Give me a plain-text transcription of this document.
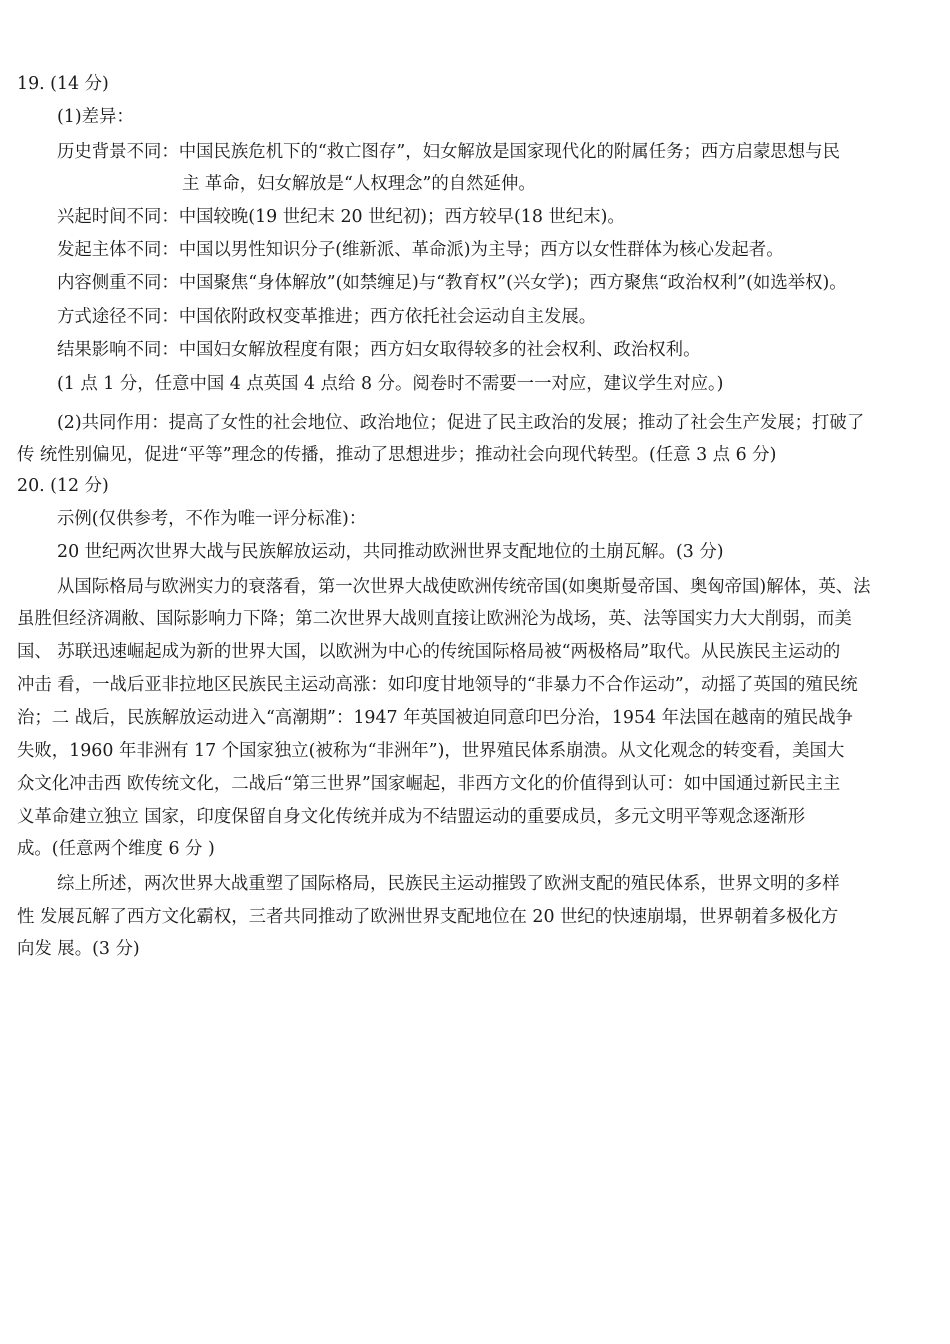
19. (14 分)
(1)差异：
历史背景不同：中国民族危机下的“救亡图存”，妇女解放是国家现代化的附属任务；西方启蒙思想与民
主 革命，妇女解放是“人权理念”的自然延伸。
兴起时间不同：中国较晚(19 世纪末 20 世纪初)；西方较早(18 世纪末)。
发起主体不同：中国以男性知识分子(维新派、革命派)为主导；西方以女性群体为核心发起者。
内容侧重不同：中国聚焦“身体解放”(如禁缠足)与“教育权”(兴女学)；西方聚焦“政治权利”(如选举权)。
方式途径不同：中国依附政权变革推进；西方依托社会运动自主发展。
结果影响不同：中国妇女解放程度有限；西方妇女取得较多的社会权利、政治权利。
(1 点 1 分，任意中国 4 点英国 4 点给 8 分。阅卷时不需要一一对应，建议学生对应。)
(2)共同作用：提高了女性的社会地位、政治地位；促进了民主政治的发展；推动了社会生产发展；打破了
传 统性别偏见，促进“平等”理念的传播，推动了思想进步；推动社会向现代转型。(任意 3 点 6 分)
20. (12 分)
示例(仅供参考，不作为唯一评分标准)：
20 世纪两次世界大战与民族解放运动，共同推动欧洲世界支配地位的土崩瓦解。(3 分)
从国际格局与欧洲实力的衰落看，第一次世界大战使欧洲传统帝国(如奥斯曼帝国、奥匈帝国)解体，英、法
虽胜但经济凋敝、国际影响力下降；第二次世界大战则直接让欧洲沦为战场，英、法等国实力大大削弱，而美
国、 苏联迅速崛起成为新的世界大国，以欧洲为中心的传统国际格局被“两极格局”取代。从民族民主运动的
冲击 看，一战后亚非拉地区民族民主运动高涨：如印度甘地领导的“非暴力不合作运动”，动摇了英国的殖民统
治；二 战后，民族解放运动进入“高潮期”：1947 年英国被迫同意印巴分治，1954 年法国在越南的殖民战争
失败，1960 年非洲有 17 个国家独立(被称为“非洲年”)，世界殖民体系崩溃。从文化观念的转变看，美国大
众文化冲击西 欧传统文化，二战后“第三世界”国家崛起，非西方文化的价值得到认可：如中国通过新民主主
义革命建立独立 国家，印度保留自身文化传统并成为不结盟运动的重要成员，多元文明平等观念逐渐形
成。(任意两个维度 6 分 )
综上所述，两次世界大战重塑了国际格局，民族民主运动摧毁了欧洲支配的殖民体系，世界文明的多样
性 发展瓦解了西方文化霸权，三者共同推动了欧洲世界支配地位在 20 世纪的快速崩塌，世界朝着多极化方
向发 展。(3 分)
